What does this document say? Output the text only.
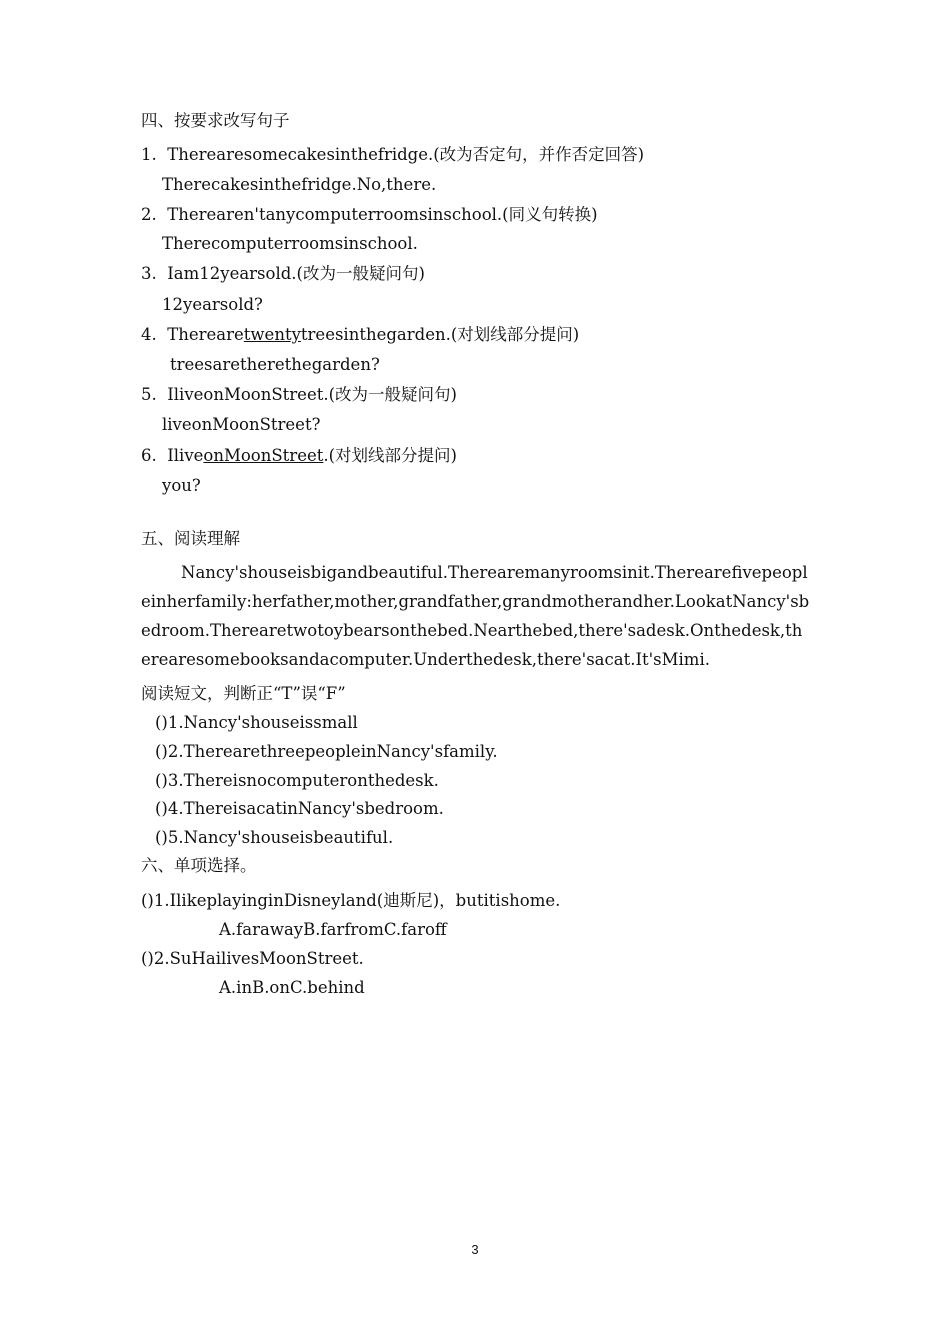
四、按要求改写句子
1. Therearesomecakesinthefridge.(改为否定句，并作否定回答)
Therecakesinthefridge.No,there.
2. Therearen'tanycomputerroomsinschool.(同义句转换)
Therecomputerroomsinschool.
3. Iam12yearsold.(改为一般疑问句)
12yearsold?
4. Therearetwentytreesinthegarden.(对划线部分提问)
treesaretherethegarden?
5. IliveonMoonStreet.(改为一般疑问句)
liveonMoonStreet?
6. IliveonMoonStreet.(对划线部分提问)
you?
五、阅读理解
Nancy'shouseisbigandbeautiful.Therearemanyroomsinit.Therearefivepeopleinherfamily:herfather,mother,grandfather,grandmotherandher.LookatNancy'sbedroom.Therearetwotoybearsonthebed.Nearthebed,there'sadesk.Onthedesk,therearesomebooksandacomputer.Underthedesk,there'sacat.It'sMimi.
阅读短文，判断正“T”误“F”
()1.Nancy'shouseissmall
()2.TherearethreepeopleinNancy'sfamily.
()3.Thereisnocomputeronthedesk.
()4.ThereisacatinNancy'sbedroom.
()5.Nancy'shouseisbeautiful.
六、单项选择。
()1.IlikeplayinginDisneyland(迪斯尼)，butitishome.
A.farawayB.farfromC.faroff
()2.SuHailivesMoonStreet.
A.inB.onC.behind
3
